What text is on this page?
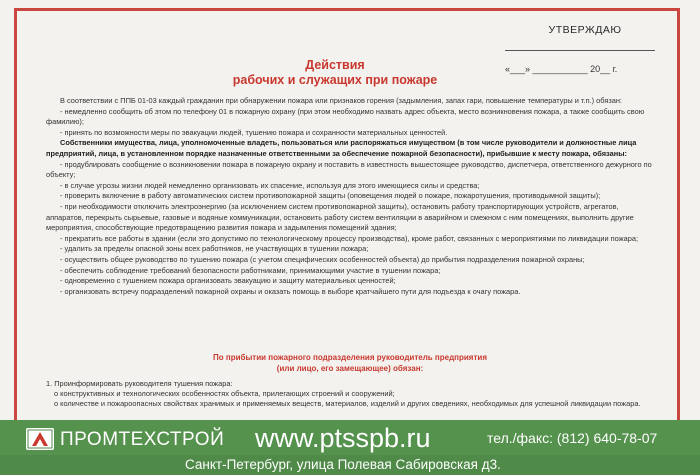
УТВЕРЖДАЮ
«___» ___________ 20__ г.
Действия
рабочих и служащих при пожаре

В соответствии с ППБ 01-03 каждый гражданин при обнаружении пожара или признаков горения (задымления, запах гари, повышение температуры и т.п.) обязан:

- немедленно сообщить об этом по телефону 01 в пожарную охрану (при этом необходимо назвать адрес объекта, место возникновения пожара, а также сообщить свою фамилию);

- принять по возможности меры по эвакуации людей, тушению пожара и сохранности материальных ценностей.

Собственники имущества, лица, уполномоченные владеть, пользоваться или распоряжаться имуществом (в том числе руководители и должностные лица предприятий, лица, в установленном порядке назначенные ответственными за обеспечение пожарной безопасности), прибывшие к месту пожара, обязаны:

- продублировать сообщение о возникновении пожара в пожарную охрану и поставить в известность вышестоящее руководство, диспетчера, ответственного дежурного по объекту;

- в случае угрозы жизни людей немедленно организовать их спасение, используя для этого имеющиеся силы и средства;

- проверить включение в работу автоматических систем противопожарной защиты (оповещения людей о пожаре, пожаротушения, противодымной защиты);

- при необходимости отключить электроэнергию (за исключением систем противопожарной защиты), остановить работу транспортирующих устройств, агрегатов, аппаратов, перекрыть сырьевые, газовые и водяные коммуникации, остановить работу систем вентиляции в аварийном и смежном с ним помещениях, выполнить другие мероприятия, способствующие предотвращению развития пожара и задымления помещений здания;

- прекратить все работы в здании (если это допустимо по технологическому процессу производства), кроме работ, связанных с мероприятиями по ликвидации пожара;

- удалить за пределы опасной зоны всех работников, не участвующих в тушении пожара;

- осуществить общее руководство по тушению пожара (с учетом специфических особенностей объекта) до прибытия подразделения пожарной охраны;

- обеспечить соблюдение требований безопасности работниками, принимающими участие в тушении пожара;

- одновременно с тушением пожара организовать эвакуацию и защиту материальных ценностей;

- организовать встречу подразделений пожарной охраны и оказать помощь в выборе кратчайшего пути для подъезда к очагу пожара.

По прибытии пожарного подразделения руководитель предприятия
(или лицо, его замещающее) обязан:

1. Проинформировать руководителя тушения пожара:

о конструктивных и технологических особенностях объекта, прилегающих строений и сооружений;

о количестве и пожароопасных свойствах хранимых и применяемых веществ, материалов, изделий и других сведениях, необходимых для успешной ликвидации пожара.

ПРОМТЕХСТРОЙ www.ptsspb.ru	тел./факс: (812) 640-78-07
Санкт-Петербург, улица Полевая Сабировская д3.
